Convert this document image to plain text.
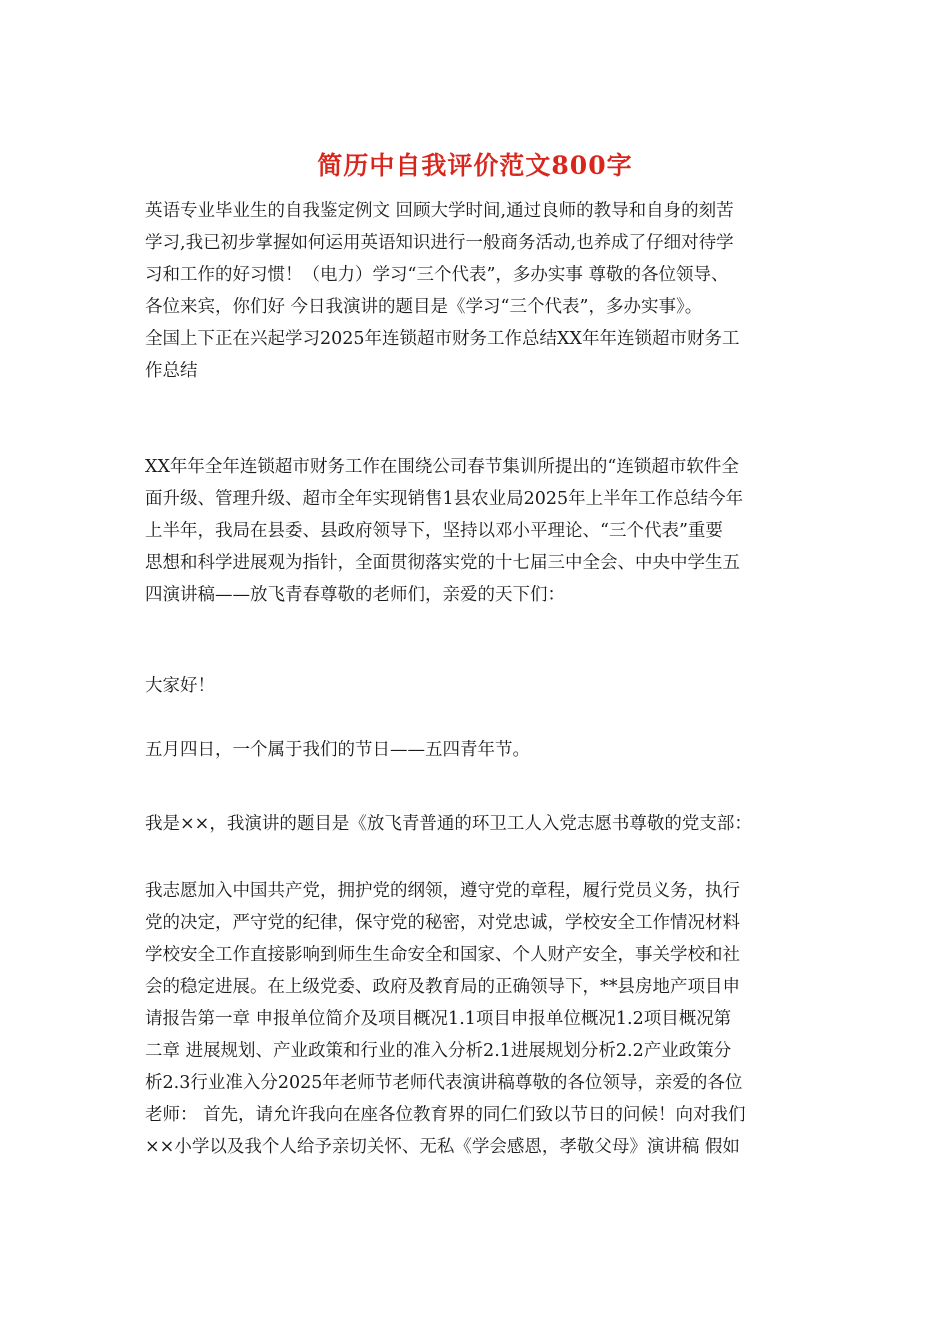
简历中自我评价范文800字
英语专业毕业生的自我鉴定例文 回顾大学时间,通过良师的教导和自身的刻苦
学习,我已初步掌握如何运用英语知识进行一般商务活动,也养成了仔细对待学
习和工作的好习惯！（电力）学习“三个代表”，多办实事 尊敬的各位领导、
各位来宾，你们好 今日我演讲的题目是《学习“三个代表”，多办实事》。
全国上下正在兴起学习2025年连锁超市财务工作总结XX年年连锁超市财务工
作总结
XX年年全年连锁超市财务工作在围绕公司春节集训所提出的“连锁超市软件全
面升级、管理升级、超市全年实现销售1县农业局2025年上半年工作总结今年
上半年，我局在县委、县政府领导下，坚持以邓小平理论、“三个代表”重要
思想和科学进展观为指针，全面贯彻落实党的十七届三中全会、中央中学生五
四演讲稿——放飞青春尊敬的老师们，亲爱的天下们：
大家好！
五月四日，一个属于我们的节日——五四青年节。
我是××，我演讲的题目是《放飞青普通的环卫工人入党志愿书尊敬的党支部：
我志愿加入中国共产党，拥护党的纲领，遵守党的章程，履行党员义务，执行
党的决定，严守党的纪律，保守党的秘密，对党忠诚，学校安全工作情况材料
学校安全工作直接影响到师生生命安全和国家、个人财产安全，事关学校和社
会的稳定进展。在上级党委、政府及教育局的正确领导下，**县房地产项目申
请报告第一章 申报单位简介及项目概况1.1项目申报单位概况1.2项目概况第
二章 进展规划、产业政策和行业的准入分析2.1进展规划分析2.2产业政策分
析2.3行业准入分2025年老师节老师代表演讲稿尊敬的各位领导，亲爱的各位
老师： 首先，请允许我向在座各位教育界的同仁们致以节日的问候！向对我们
××小学以及我个人给予亲切关怀、无私《学会感恩，孝敬父母》演讲稿 假如
